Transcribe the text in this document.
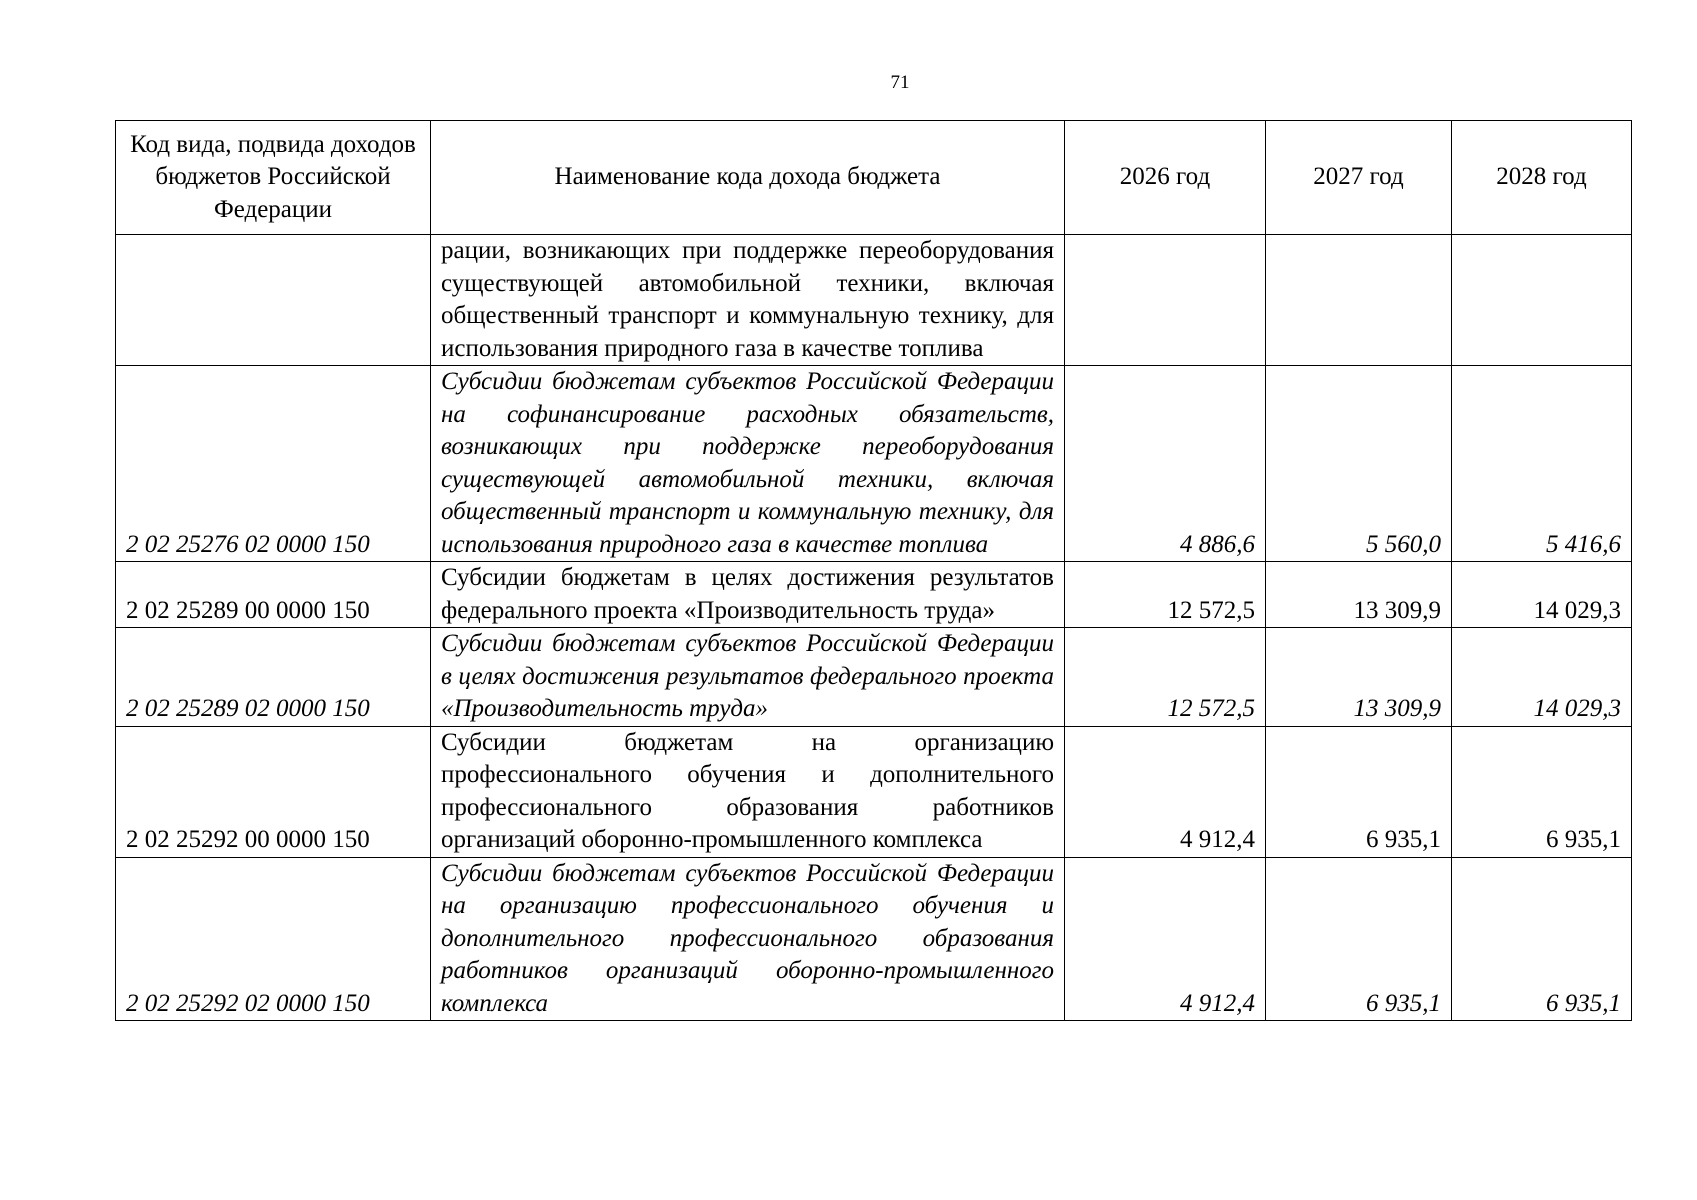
71
Код вида, подвида доходов бюджетов Российской Федерации	Наименование кода дохода бюджета	2026 год	2027 год	2028 год
	рации, возникающих при поддержке переоборудования существующей автомобильной техники, включая общественный транспорт и коммунальную технику, для использования природного газа в качестве топлива			
2 02 25276 02 0000 150	Субсидии бюджетам субъектов Российской Федерации на софинансирование расходных обязательств, возникающих при поддержке переоборудования существующей автомобильной техники, включая общественный транспорт и коммунальную технику, для использования природного газа в качестве топлива	4 886,6	5 560,0	5 416,6
2 02 25289 00 0000 150	Субсидии бюджетам в целях достижения результатов федерального проекта «Производительность труда»	12 572,5	13 309,9	14 029,3
2 02 25289 02 0000 150	Субсидии бюджетам субъектов Российской Федерации в целях достижения результатов федерального проекта «Производительность труда»	12 572,5	13 309,9	14 029,3
2 02 25292 00 0000 150	Субсидии бюджетам на организацию профессионального обучения и дополнительного профессионального образования работников организаций оборонно-промышленного комплекса	4 912,4	6 935,1	6 935,1
2 02 25292 02 0000 150	Субсидии бюджетам субъектов Российской Федерации на организацию профессионального обучения и дополнительного профессионального образования работников организаций оборонно-промышленного комплекса	4 912,4	6 935,1	6 935,1
